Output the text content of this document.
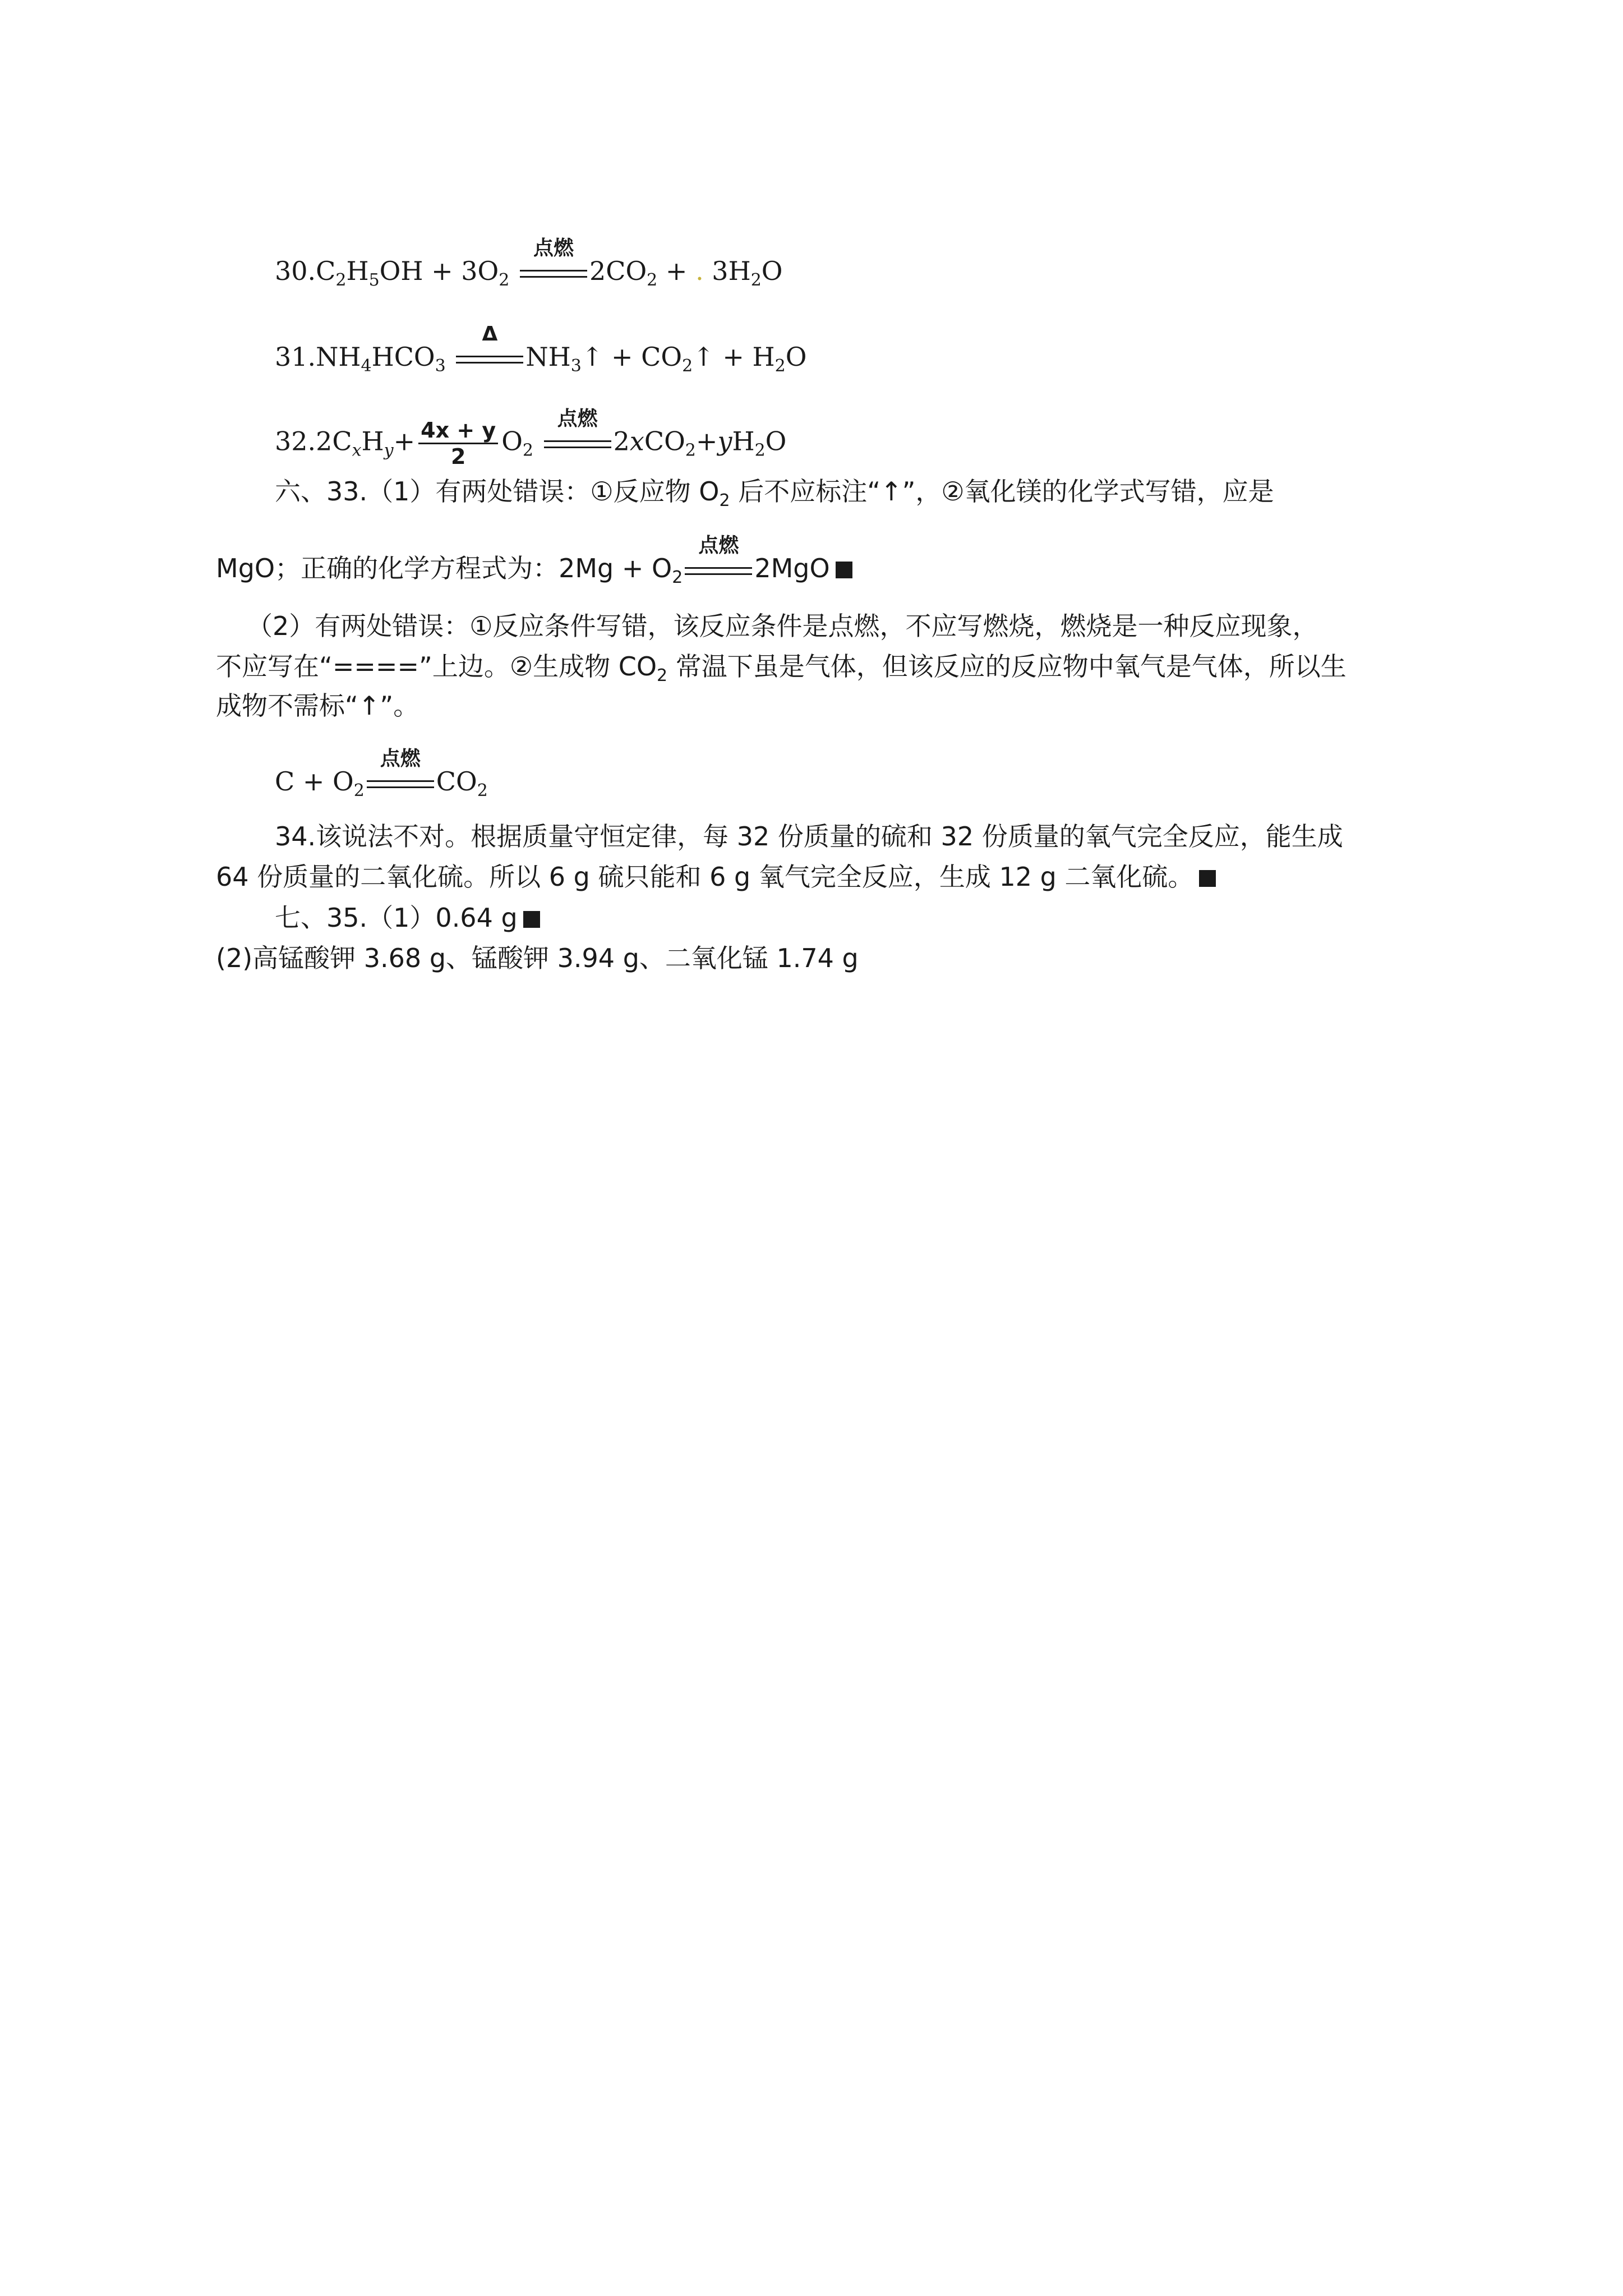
$30.C_2H_5OH + 3O_2$
点燃
$2CO_2$ + . $3H_2O$
$31.NH_4HCO_3$
Δ
$NH_3↑$ + $CO_2↑ + H_2O$
$32.2C_xH_y+ \frac{4x + y}{2} O_2$
点燃
$2xCO_2+yH_2O$
六、33.（1）有两处错误：①反应物 $O_2$ 后不应标注“↑”，②氧化镁的化学式写错，应是
MgO；正确的化学方程式为：$2Mg + O_2$
点燃
2MgO
（2）有两处错误：①反应条件写错，该反应条件是点燃，不应写燃烧，燃烧是一种反应现象，
不应写在“====”上边。②生成物 $CO_2$ 常温下虽是气体，但该反应的反应物中氧气是气体，所以生
成物不需标“↑”。
$C + O_2$
点燃
$CO_2$
34.该说法不对。根据质量守恒定律，每 32 份质量的硫和 32 份质量的氧气完全反应，能生成
64 份质量的二氧化硫。所以 6 g 硫只能和 6 g 氧气完全反应，生成 12 g 二氧化硫。
七、35.（1）0.64 g
(2)高锰酸钾 3.68 g、锰酸钾 3.94 g、二氧化锰 1.74 g
